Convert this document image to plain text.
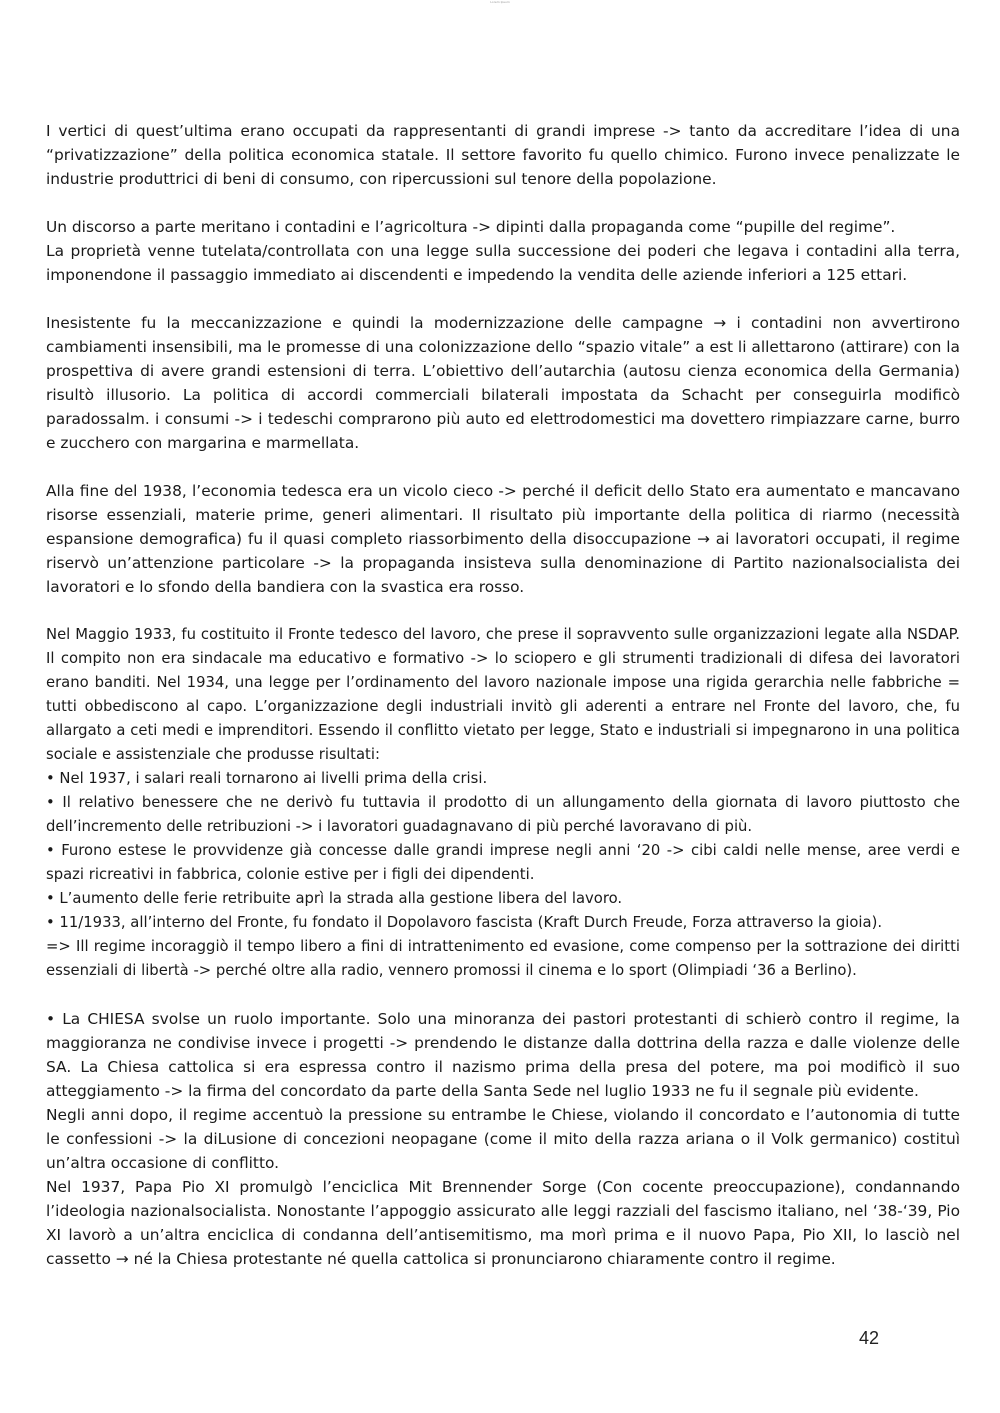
Lorem Ipsum

I vertici di quest’ultima erano occupati da rappresentanti di grandi imprese -> tanto da accreditare l’idea di una “privatizzazione” della politica economica statale. Il settore favorito fu quello chimico. Furono invece penalizzate le industrie produttrici di beni di consumo, con ripercussioni sul tenore della popolazione.

Un discorso a parte meritano i contadini e l’agricoltura -> dipinti dalla propaganda come “pupille del regime”.

La proprietà venne tutelata/controllata con una legge sulla successione dei poderi che legava i contadini alla terra, imponendone il passaggio immediato ai discendenti e impedendo la vendita delle aziende inferiori a 125 ettari.

Inesistente fu la meccanizzazione e quindi la modernizzazione delle campagne → i contadini non avvertirono cambiamenti insensibili, ma le promesse di una colonizzazione dello “spazio vitale” a est li allettarono (attirare) con la prospettiva di avere grandi estensioni di terra. L’obiettivo dell’autarchia (autosu cienza economica della Germania) risultò illusorio. La politica di accordi commerciali bilaterali impostata da Schacht per conseguirla modificò paradossalm. i consumi -> i tedeschi comprarono più auto ed elettrodomestici ma dovettero rimpiazzare carne, burro e zucchero con margarina e marmellata.

Alla fine del 1938, l’economia tedesca era un vicolo cieco -> perché il deficit dello Stato era aumentato e mancavano risorse essenziali, materie prime, generi alimentari. Il risultato più importante della politica di riarmo (necessità espansione demografica) fu il quasi completo riassorbimento della disoccupazione → ai lavoratori occupati, il regime riservò un’attenzione particolare -> la propaganda insisteva sulla denominazione di Partito nazionalsocialista dei lavoratori e lo sfondo della bandiera con la svastica era rosso.

Nel Maggio 1933, fu costituito il Fronte tedesco del lavoro, che prese il sopravvento sulle organizzazioni legate alla NSDAP. Il compito non era sindacale ma educativo e formativo -> lo sciopero e gli strumenti tradizionali di difesa dei lavoratori erano banditi. Nel 1934, una legge per l’ordinamento del lavoro nazionale impose una rigida gerarchia nelle fabbriche = tutti obbediscono al capo. L’organizzazione degli industriali invitò gli aderenti a entrare nel Fronte del lavoro, che, fu allargato a ceti medi e imprenditori. Essendo il conflitto vietato per legge, Stato e industriali si impegnarono in una politica sociale e assistenziale che produsse risultati:

• Nel 1937, i salari reali tornarono ai livelli prima della crisi.

• Il relativo benessere che ne derivò fu tuttavia il prodotto di un allungamento della giornata di lavoro piuttosto che dell’incremento delle retribuzioni -> i lavoratori guadagnavano di più perché lavoravano di più.

• Furono estese le provvidenze già concesse dalle grandi imprese negli anni ‘20 -> cibi caldi nelle mense, aree verdi e spazi ricreativi in fabbrica, colonie estive per i figli dei dipendenti.

• L’aumento delle ferie retribuite aprì la strada alla gestione libera del lavoro.

• 11/1933, all’interno del Fronte, fu fondato il Dopolavoro fascista (Kraft Durch Freude, Forza attraverso la gioia).

=> Ill regime incoraggiò il tempo libero a fini di intrattenimento ed evasione, come compenso per la sottrazione dei diritti essenziali di libertà -> perché oltre alla radio, vennero promossi il cinema e lo sport (Olimpiadi ‘36 a Berlino).

• La CHIESA svolse un ruolo importante. Solo una minoranza dei pastori protestanti di schierò contro il regime, la maggioranza ne condivise invece i progetti -> prendendo le distanze dalla dottrina della razza e dalle violenze delle SA. La Chiesa cattolica si era espressa contro il nazismo prima della presa del potere, ma poi modificò il suo atteggiamento -> la firma del concordato da parte della Santa Sede nel luglio 1933 ne fu il segnale più evidente.

Negli anni dopo, il regime accentuò la pressione su entrambe le Chiese, violando il concordato e l’autonomia di tutte le confessioni -> la diLusione di concezioni neopagane (come il mito della razza ariana o il Volk germanico) costituì un’altra occasione di conflitto.

Nel 1937, Papa Pio XI promulgò l’enciclica Mit Brennender Sorge (Con cocente preoccupazione), condannando l’ideologia nazionalsocialista. Nonostante l’appoggio assicurato alle leggi razziali del fascismo italiano, nel ‘38-‘39, Pio XI lavorò a un’altra enciclica di condanna dell’antisemitismo, ma morì prima e il nuovo Papa, Pio XII, lo lasciò nel cassetto → né la Chiesa protestante né quella cattolica si pronunciarono chiaramente contro il regime.

42
